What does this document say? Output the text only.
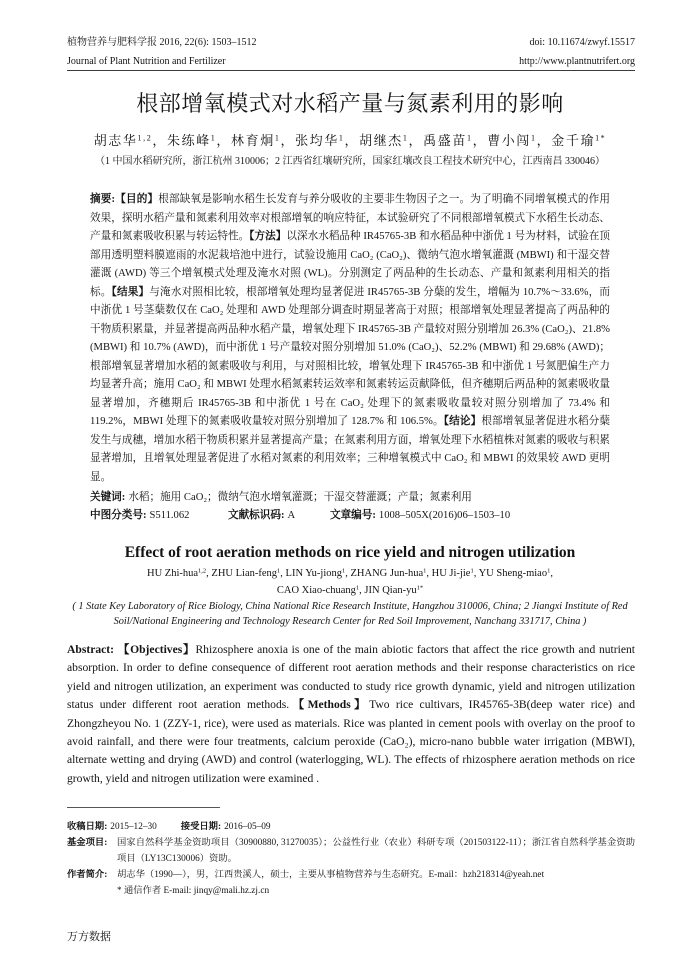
植物营养与肥料学报 2016, 22(6): 1503–1512
Journal of Plant Nutrition and Fertilizer
doi: 10.11674/zwyf.15517
http://www.plantnutrifert.org
根部增氧模式对水稻产量与氮素利用的影响
胡志华$^{1,2}$，朱练峰$^1$，林育炯$^1$，张均华$^1$，胡继杰$^1$，禹盛苗$^1$，曹小闯$^1$，金千瑜$^{1*}$
（1 中国水稻研究所，浙江杭州 310006；2 江西省红壤研究所，国家红壤改良工程技术研究中心，江西南昌 330046）

摘要:【目的】根部缺氧是影响水稻生长发育与养分吸收的主要非生物因子之一。为了明确不同增氧模式的作用效果，探明水稻产量和氮素利用效率对根部增氧的响应特征，本试验研究了不同根部增氧模式下水稻生长动态、产量和氮素吸收积累与转运特性。【方法】以深水水稻品种 IR45765-3B 和水稻品种中浙优 1 号为材料，试验在顶部用透明塑料膜遮雨的水泥栽培池中进行，试验设施用 CaO₂ (CaO₂)、微纳气泡水增氧灌溉 (MBWI) 和干湿交替灌溉 (AWD) 等三个增氧模式处理及淹水对照 (WL)。分别测定了两品种的生长动态、产量和氮素利用相关的指标。【结果】与淹水对照相比较，根部增氧处理均显著促进 IR45765-3B 分蘖的发生，增幅为 10.7%～33.6%，而中浙优 1 号茎蘖数仅在 CaO₂ 处理和 AWD 处理部分调查时期显著高于对照；根部增氧处理显著提高了两品种的干物质积累量，并显著提高两品种水稻产量，增氧处理下 IR45765-3B 产量较对照分别增加 26.3% (CaO₂)、21.8% (MBWI) 和 10.7% (AWD)，而中浙优 1 号产量较对照分别增加 51.0% (CaO₂)、52.2% (MBWI) 和 29.68% (AWD)；根部增氧显著增加水稻的氮素吸收与利用，与对照相比较，增氧处理下 IR45765-3B 和中浙优 1 号氮肥偏生产力均显著升高；施用 CaO₂ 和 MBWI 处理水稻氮素转运效率和氮素转运贡献降低，但齐穗期后两品种的氮素吸收量显著增加，齐穗期后 IR45765-3B 和中浙优 1 号在 CaO₂ 处理下的氮素吸收量较对照分别增加了 73.4% 和 119.2%，MBWI 处理下的氮素吸收量较对照分别增加了 128.7% 和 106.5%。【结论】根部增氧显著促进水稻分蘖发生与成穗，增加水稻干物质积累并显著提高产量；在氮素利用方面，增氧处理下水稻植株对氮素的吸收与积累显著增加，且增氧处理显著促进了水稻对氮素的利用效率；三种增氧模式中 CaO₂ 和 MBWI 的效果较 AWD 更明显。

关键词: 水稻；施用 CaO₂；微纳气泡水增氧灌溉；干湿交替灌溉；产量；氮素利用
中图分类号: S511.062	文献标识码: A	文章编号: 1008–505X(2016)06–1503–10
Effect of root aeration methods on rice yield and nitrogen utilization
HU Zhi-hua$^{1,2}$, ZHU Lian-feng$^1$, LIN Yu-jiong$^1$, ZHANG Jun-hua$^1$, HU Ji-jie$^1$, YU Sheng-miao$^1$,
CAO Xiao-chuang$^1$, JIN Qian-$yu^{1*}$
( 1 State Key Laboratory of Rice Biology, China National Rice Research Institute, Hangzhou 310006, China; 2 Jiangxi Institute of Red Soil/National Engineering and Technology Research Center for Red Soil Improvement, Nanchang 331717, China )

Abstract: 【Objectives】Rhizosphere anoxia is one of the main abiotic factors that affect the rice growth and nutrient absorption. In order to define consequence of different root aeration methods and their response characteristics on rice yield and nitrogen utilization, an experiment was conducted to study rice growth dynamic, yield and nitrogen utilization status under different root aeration methods.【Methods】Two rice cultivars, IR45765-3B(deep water rice) and Zhongzheyou No. 1 (ZZY-1, rice), were used as materials. Rice was planted in cement pools with overlay on the proof to avoid rainfall, and there were four treatments, calcium peroxide (CaO₂), micro-nano bubble water irrigation (MBWI), alternate wetting and drying (AWD) and control (waterlogging, WL). The effects of rhizosphere aeration methods on rice growth, yield and nitrogen utilization were examined .

收稿日期: 2015–12–30	接受日期: 2016–05–09
基金项目:	国家自然科学基金资助项目（30900880, 31270035）；公益性行业（农业）科研专项（201503122-11）；浙江省自然科学基金资助项目（LY13C130006）资助。
作者简介:	胡志华（1990—），男，江西贵溪人，硕士，主要从事植物营养与生态研究。E-mail：hzh218314@yeah.net
* 通信作者 E-mail: jinqy@mali.hz.zj.cn
万方数据
